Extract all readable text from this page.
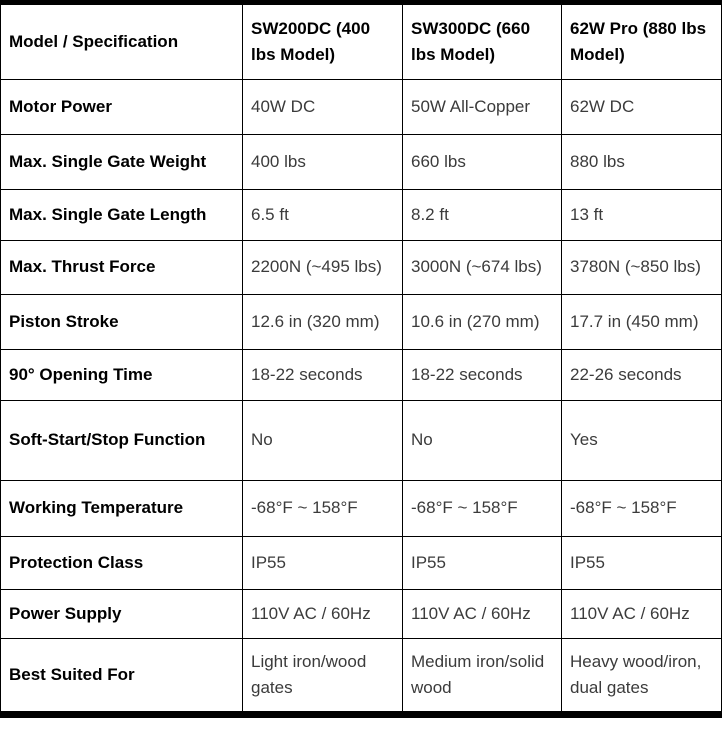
Model / Specification	SW200DC (400 lbs Model)	SW300DC (660 lbs Model)	62W Pro (880 lbs Model)
Motor Power	40W DC	50W All-Copper	62W DC
Max. Single Gate Weight	400 lbs	660 lbs	880 lbs
Max. Single Gate Length	6.5 ft	8.2 ft	13 ft
Max. Thrust Force	2200N (~495 lbs)	3000N (~674 lbs)	3780N (~850 lbs)
Piston Stroke	12.6 in (320 mm)	10.6 in (270 mm)	17.7 in (450 mm)
90° Opening Time	18-22 seconds	18-22 seconds	22-26 seconds
Soft-Start/Stop Function	No	No	Yes
Working Temperature	-68°F ~ 158°F	-68°F ~ 158°F	-68°F ~ 158°F
Protection Class	IP55	IP55	IP55
Power Supply	110V AC / 60Hz	110V AC / 60Hz	110V AC / 60Hz
Best Suited For	Light iron/wood gates	Medium iron/solid wood	Heavy wood/iron, dual gates
